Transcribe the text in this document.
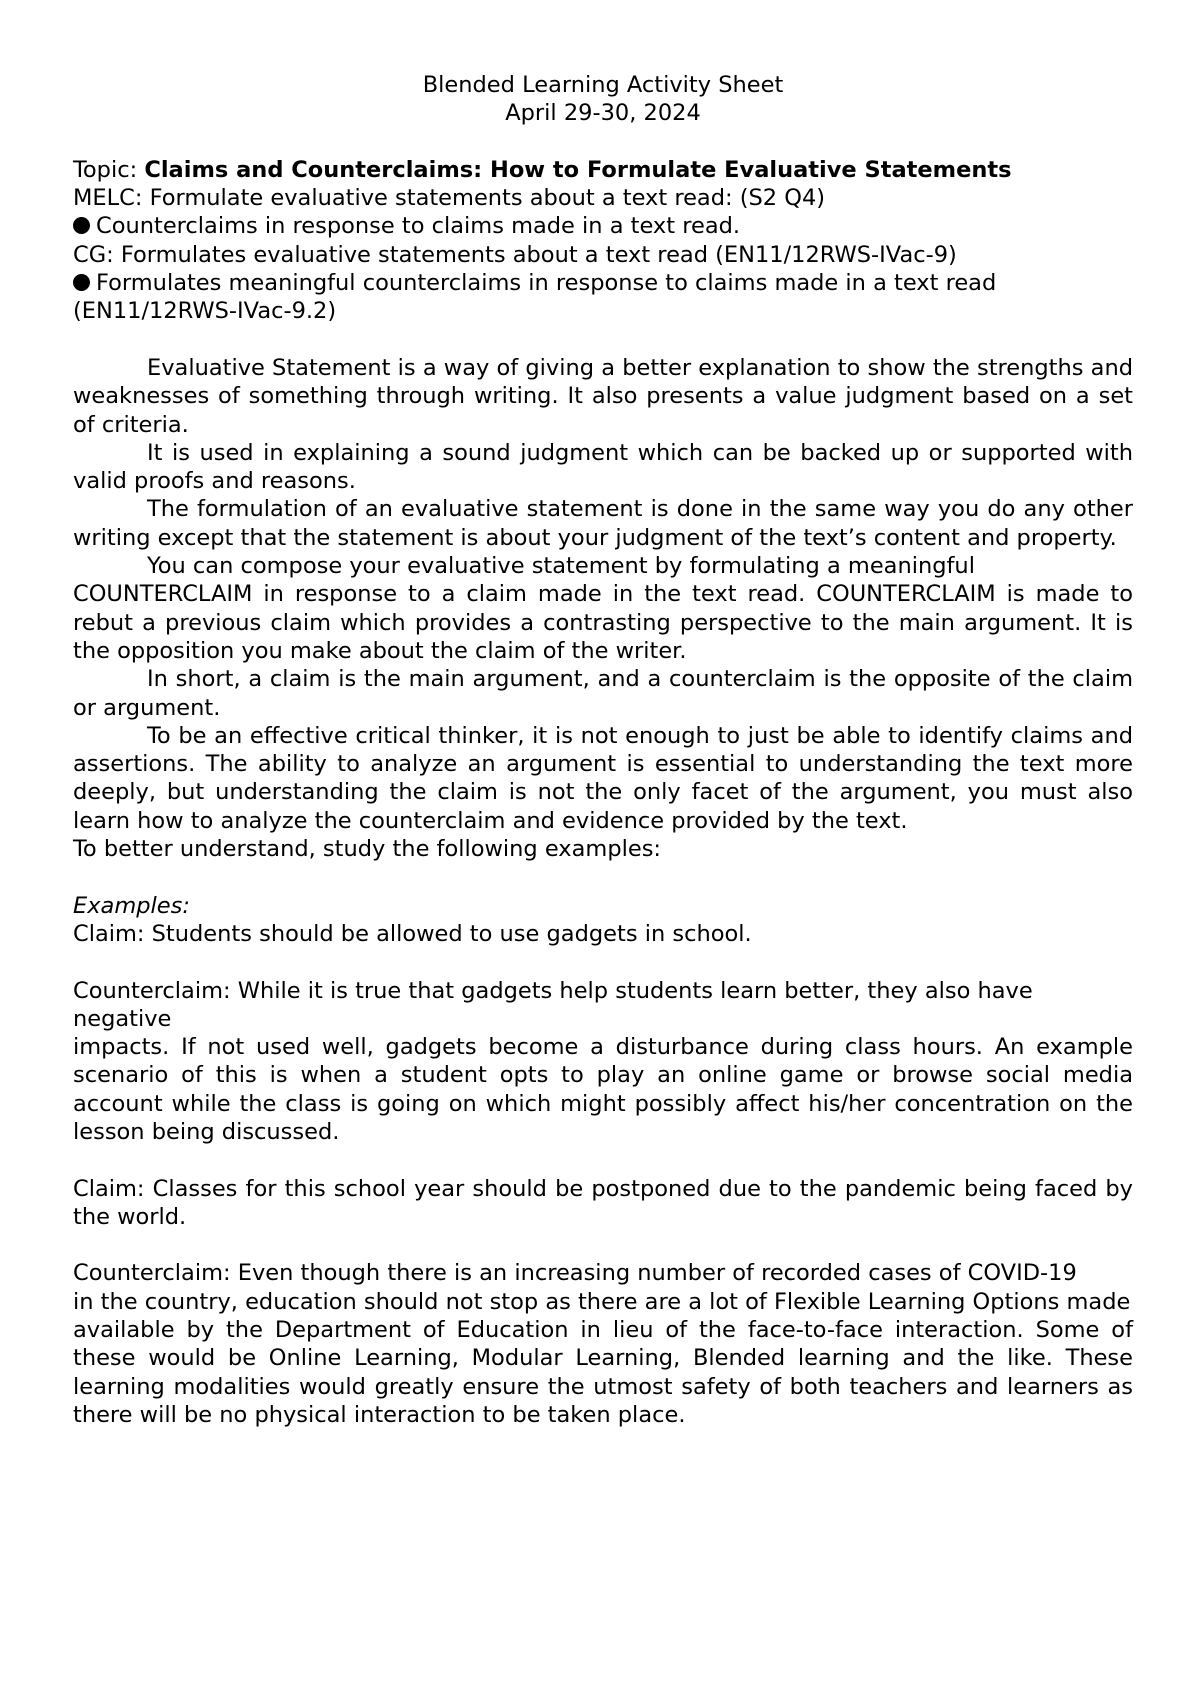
Blended Learning Activity Sheet
April 29-30, 2024
Topic: Claims and Counterclaims: How to Formulate Evaluative Statements
MELC: Formulate evaluative statements about a text read: (S2 Q4)
Counterclaims in response to claims made in a text read.
CG: Formulates evaluative statements about a text read (EN11/12RWS-IVac-9)
Formulates meaningful counterclaims in response to claims made in a text read
(EN11/12RWS-IVac-9.2)
Evaluative Statement is a way of giving a better explanation to show the strengths and weaknesses of something through writing. It also presents a value judgment based on a set of criteria.
It is used in explaining a sound judgment which can be backed up or supported with valid proofs and reasons.
The formulation of an evaluative statement is done in the same way you do any other writing except that the statement is about your judgment of the text’s content and property.
You can compose your evaluative statement by formulating a meaningful
COUNTERCLAIM in response to a claim made in the text read. COUNTERCLAIM is made to rebut a previous claim which provides a contrasting perspective to the main argument. It is the opposition you make about the claim of the writer.
In short, a claim is the main argument, and a counterclaim is the opposite of the claim or argument.
To be an effective critical thinker, it is not enough to just be able to identify claims and assertions. The ability to analyze an argument is essential to understanding the text more deeply, but understanding the claim is not the only facet of the argument, you must also learn how to analyze the counterclaim and evidence provided by the text.
To better understand, study the following examples:
Examples:
Claim: Students should be allowed to use gadgets in school.
Counterclaim: While it is true that gadgets help students learn better, they also have negative
impacts. If not used well, gadgets become a disturbance during class hours. An example scenario of this is when a student opts to play an online game or browse social media account while the class is going on which might possibly affect his/her concentration on the lesson being discussed.
Claim: Classes for this school year should be postponed due to the pandemic being faced by the world.
Counterclaim: Even though there is an increasing number of recorded cases of COVID-19
in the country, education should not stop as there are a lot of Flexible Learning Options made
available by the Department of Education in lieu of the face-to-face interaction. Some of these would be Online Learning, Modular Learning, Blended learning and the like. These learning modalities would greatly ensure the utmost safety of both teachers and learners as there will be no physical interaction to be taken place.
